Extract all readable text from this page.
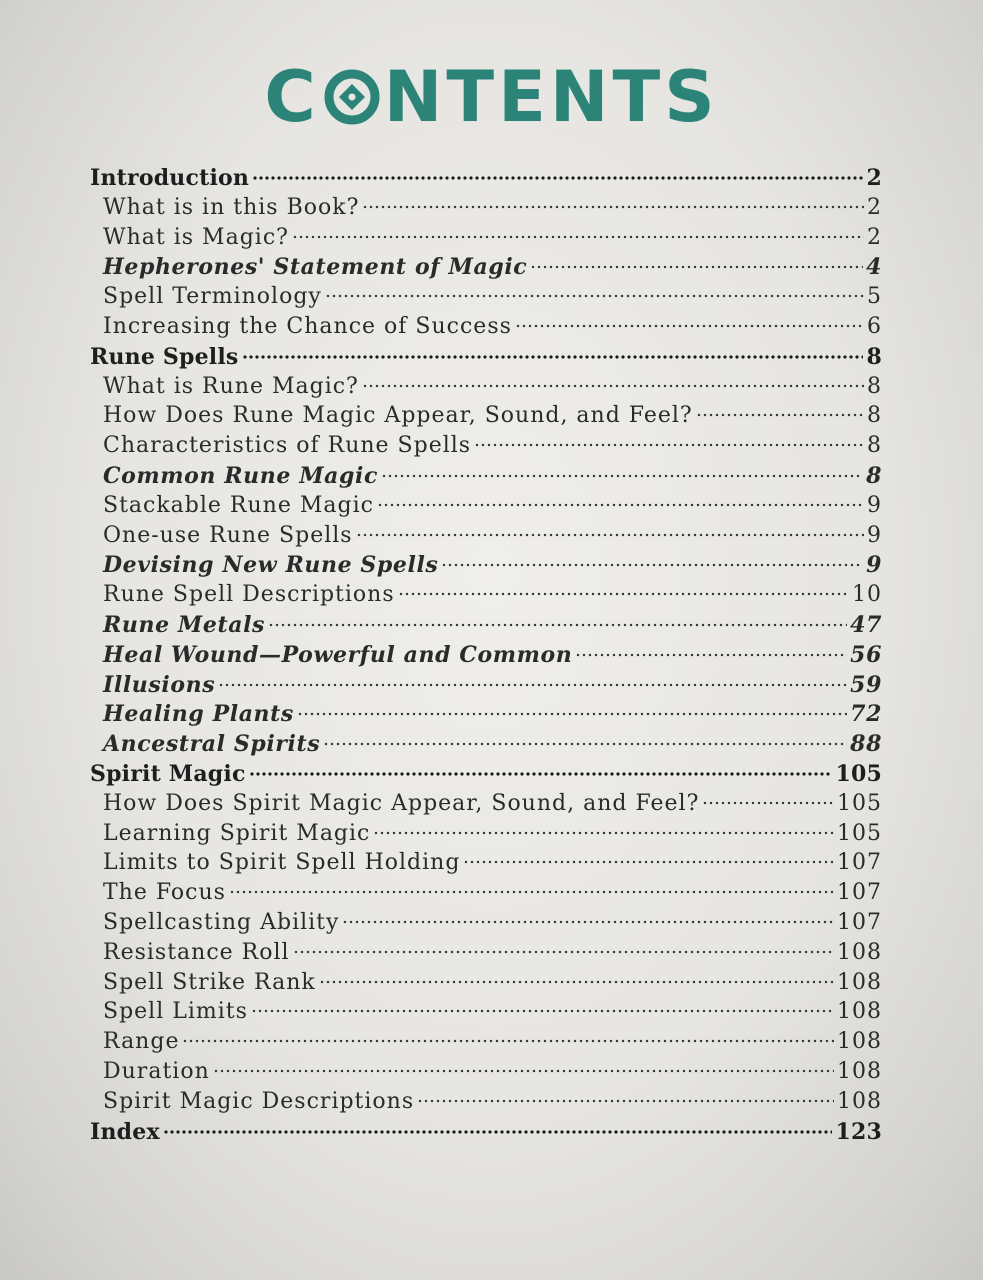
C NTENTS
Introduction	2
What is in this Book?	2
What is Magic?	2
Hepherones' Statement of Magic	4
Spell Terminology	5
Increasing the Chance of Success	6
Rune Spells	8
What is Rune Magic?	8
How Does Rune Magic Appear, Sound, and Feel?	8
Characteristics of Rune Spells	8
Common Rune Magic	8
Stackable Rune Magic	9
One-use Rune Spells	9
Devising New Rune Spells	9
Rune Spell Descriptions	10
Rune Metals	47
Heal Wound—Powerful and Common	56
Illusions	59
Healing Plants	72
Ancestral Spirits	88
Spirit Magic	105
How Does Spirit Magic Appear, Sound, and Feel?	105
Learning Spirit Magic	105
Limits to Spirit Spell Holding	107
The Focus	107
Spellcasting Ability	107
Resistance Roll	108
Spell Strike Rank	108
Spell Limits	108
Range	108
Duration	108
Spirit Magic Descriptions	108
Index	123
